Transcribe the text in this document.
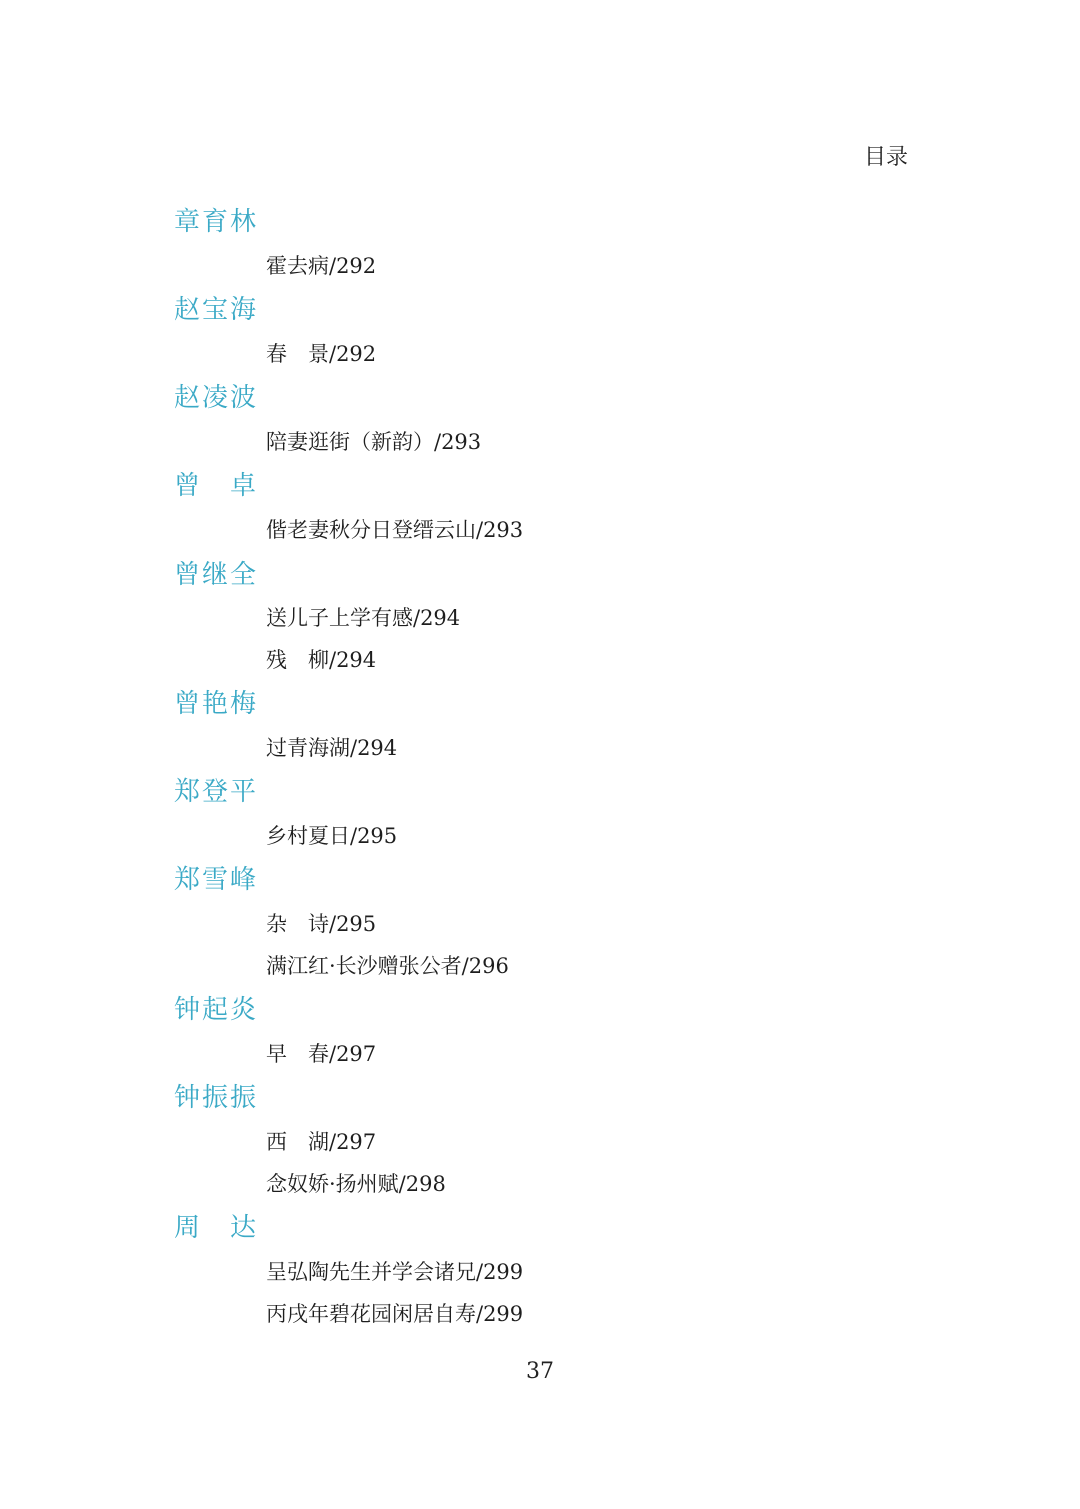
目录
章育林
霍去病/292
赵宝海
春　景/292
赵凌波
陪妻逛街（新韵）/293
曾　卓
偕老妻秋分日登缙云山/293
曾继全
送儿子上学有感/294
残　柳/294
曾艳梅
过青海湖/294
郑登平
乡村夏日/295
郑雪峰
杂　诗/295
满江红·长沙赠张公者/296
钟起炎
早　春/297
钟振振
西　湖/297
念奴娇·扬州赋/298
周　达
呈弘陶先生并学会诸兄/299
丙戌年碧花园闲居自寿/299
37
